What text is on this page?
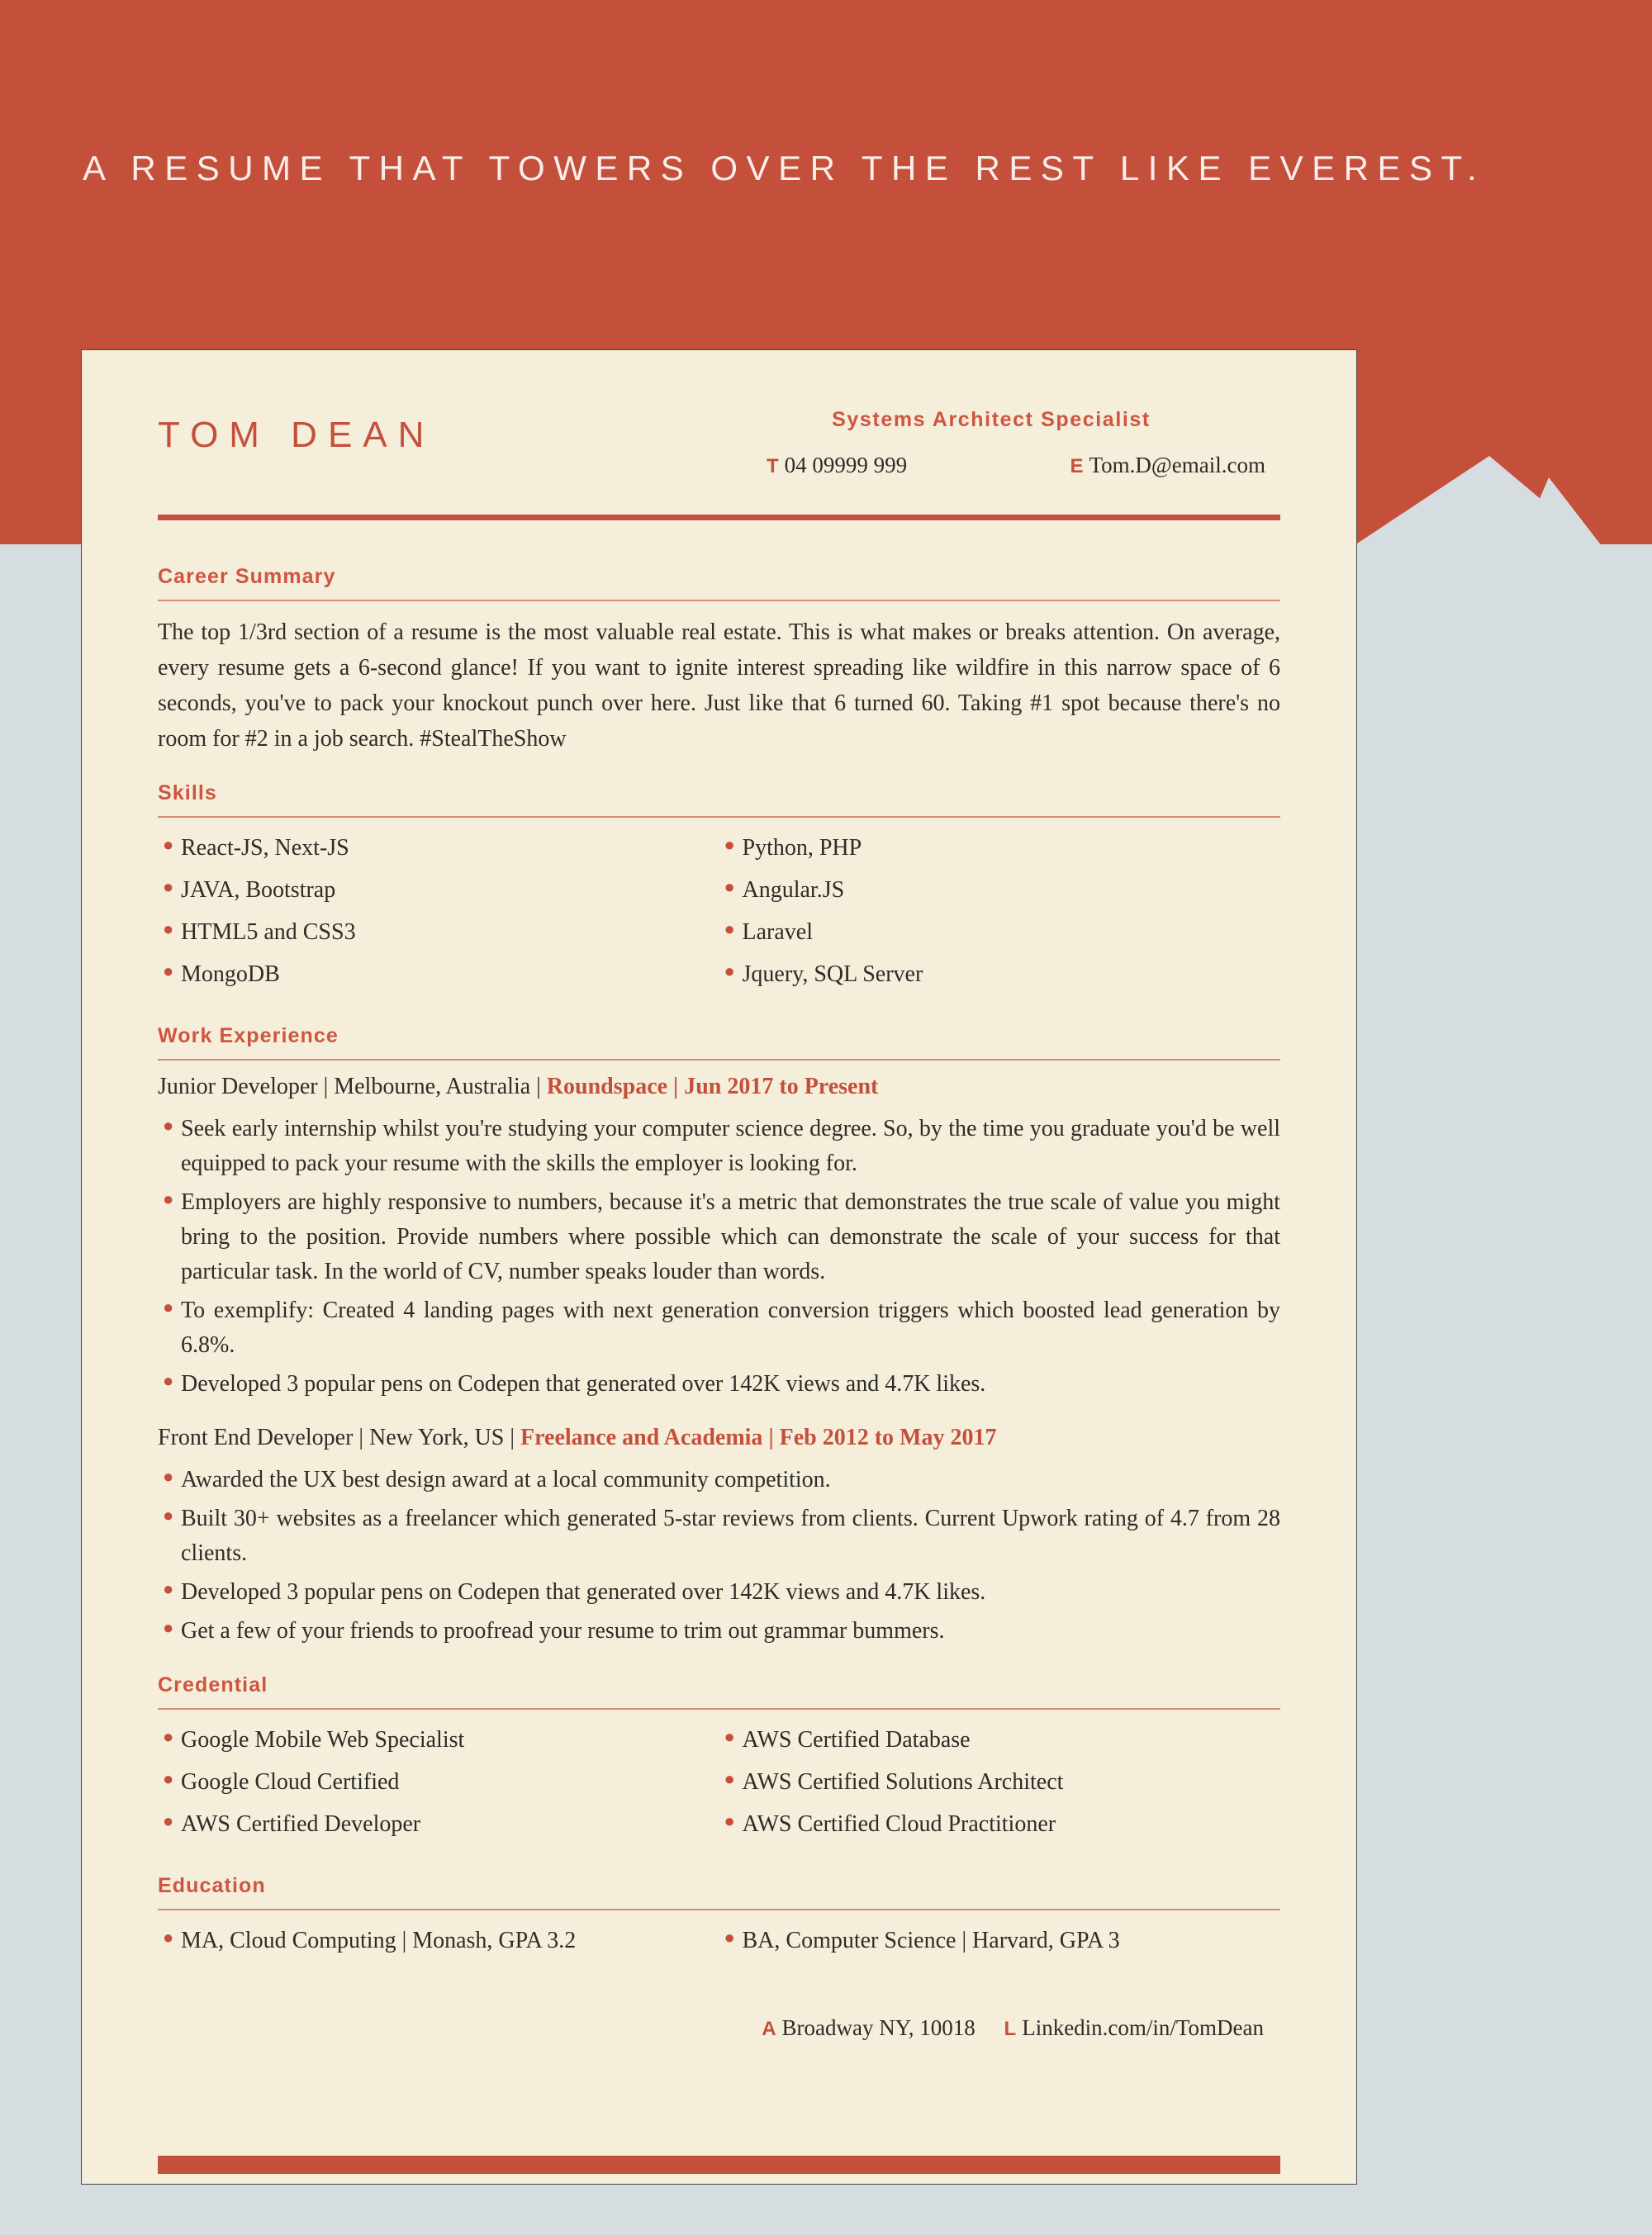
A RESUME THAT TOWERS OVER THE REST LIKE EVEREST.
TOM DEAN	Systems Architect Specialist
T 04 09999 999	E Tom.D@email.com
Career Summary

The top 1/3rd section of a resume is the most valuable real estate. This is what makes or breaks attention. On average, every resume gets a 6-second glance! If you want to ignite interest spreading like wildfire in this narrow space of 6 seconds, you've to pack your knockout punch over here. Just like that 6 turned 60. Taking #1 spot because there's no room for #2 in a job search. #StealTheShow

Skills
● React-JS, Next-JS
● JAVA, Bootstrap
● HTML5 and CSS3
● MongoDB
● Python, PHP
● Angular.JS
● Laravel
● Jquery, SQL Server
Work Experience
Junior Developer | Melbourne, Australia | Roundspace | Jun 2017 to Present
● Seek early internship whilst you're studying your computer science degree. So, by the time you graduate you'd be well equipped to pack your resume with the skills the employer is looking for.
● Employers are highly responsive to numbers, because it's a metric that demonstrates the true scale of value you might bring to the position. Provide numbers where possible which can demonstrate the scale of your success for that particular task. In the world of CV, number speaks louder than words.
● To exemplify: Created 4 landing pages with next generation conversion triggers which boosted lead generation by 6.8%.
● Developed 3 popular pens on Codepen that generated over 142K views and 4.7K likes.
Front End Developer | New York, US | Freelance and Academia | Feb 2012 to May 2017
● Awarded the UX best design award at a local community competition.
● Built 30+ websites as a freelancer which generated 5-star reviews from clients. Current Upwork rating of 4.7 from 28 clients.
● Developed 3 popular pens on Codepen that generated over 142K views and 4.7K likes.
● Get a few of your friends to proofread your resume to trim out grammar bummers.
Credential
● Google Mobile Web Specialist
● Google Cloud Certified
● AWS Certified Developer
● AWS Certified Database
● AWS Certified Solutions Architect
● AWS Certified Cloud Practitioner
Education
● MA, Cloud Computing | Monash, GPA 3.2	● BA, Computer Science | Harvard, GPA 3
A Broadway NY, 10018 L Linkedin.com/in/TomDean
